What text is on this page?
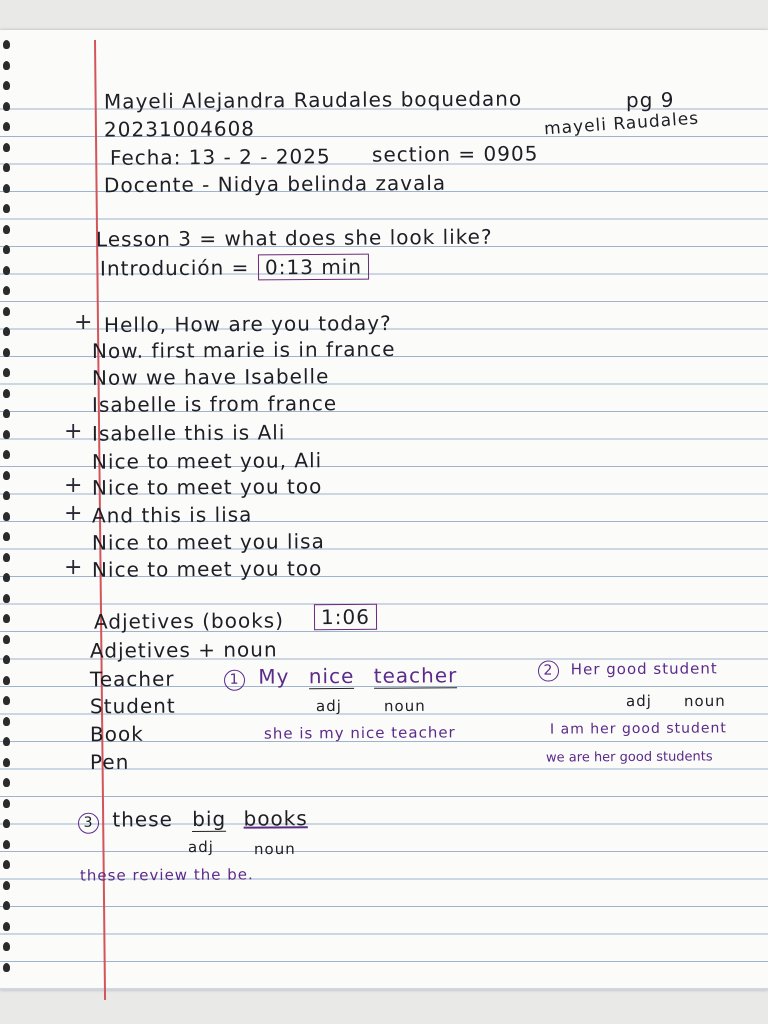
Mayeli Alejandra Raudales boquedano	pg 9
20231004608	mayeli Raudales
Fecha: 13 - 2 - 2025 section = 0905
Docente - Nidya belinda zavala
Lesson 3 = what does she look like?
Introdución = 0:13 min
+ Hello, How are you today?
Now. first marie is in france
Now we have Isabelle
Isabelle is from france
+ Isabelle this is Ali
Nice to meet you, Ali
+ Nice to meet you too
+ And this is lisa
Nice to meet you lisa
+ Nice to meet you too
Adjetives (books)	1:06
Adjetives + noun
Teacher
Student
Book
Pen
1 My nice teacher
adj	noun
she is my nice teacher
2 Her good student
adj noun
I am her good student
we are her good students
3 these big books
adj	noun
these review the be.
